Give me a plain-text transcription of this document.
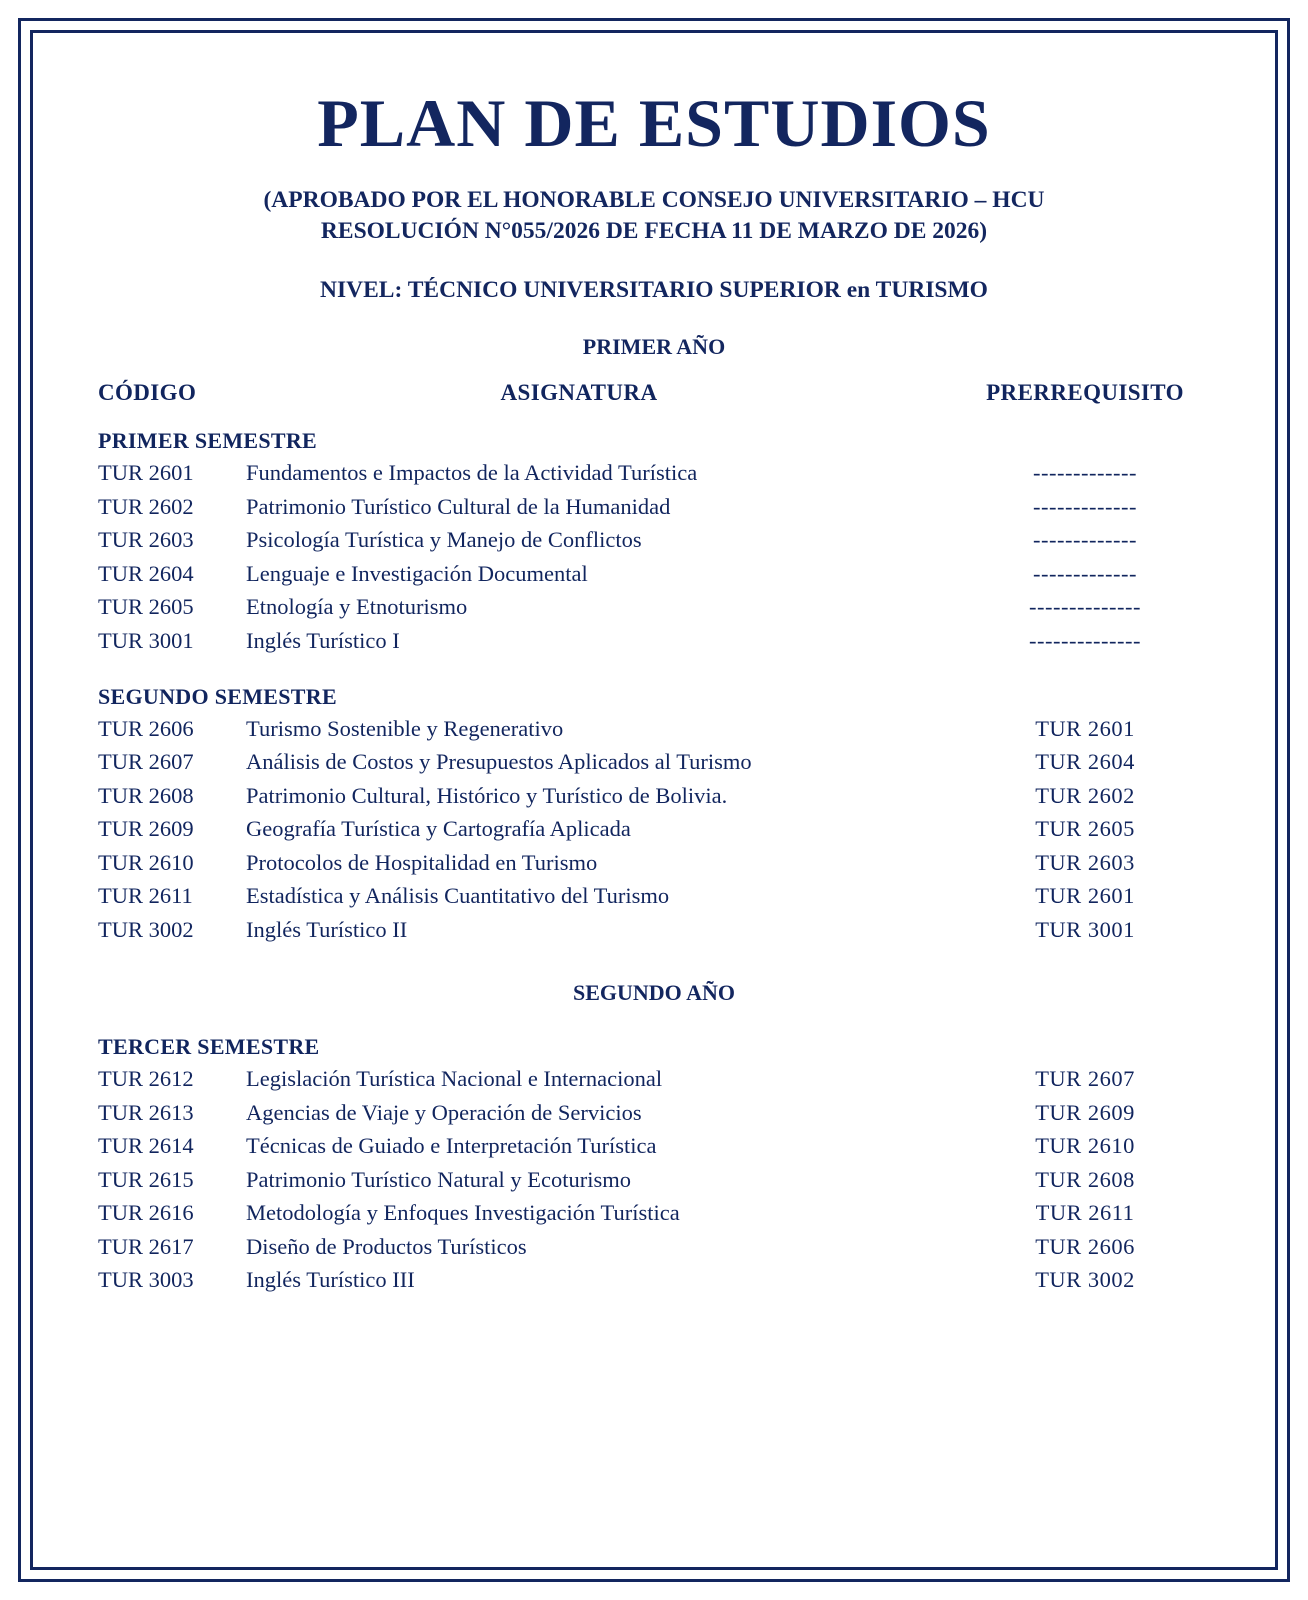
PLAN DE ESTUDIOS
(APROBADO POR EL HONORABLE CONSEJO UNIVERSITARIO – HCU
RESOLUCIÓN N°055/2026 DE FECHA 11 DE MARZO DE 2026)
NIVEL: TÉCNICO UNIVERSITARIO SUPERIOR en TURISMO
PRIMER AÑO
CÓDIGO	ASIGNATURA	PRERREQUISITO
PRIMER SEMESTRE
TUR 2601	Fundamentos e Impactos de la Actividad Turística	-------------
TUR 2602	Patrimonio Turístico Cultural de la Humanidad	-------------
TUR 2603	Psicología Turística y Manejo de Conflictos	-------------
TUR 2604	Lenguaje e Investigación Documental	-------------
TUR 2605	Etnología y Etnoturismo	--------------
TUR 3001	Inglés Turístico I	--------------
SEGUNDO SEMESTRE
TUR 2606	Turismo Sostenible y Regenerativo	TUR 2601
TUR 2607	Análisis de Costos y Presupuestos Aplicados al Turismo	TUR 2604
TUR 2608	Patrimonio Cultural, Histórico y Turístico de Bolivia.	TUR 2602
TUR 2609	Geografía Turística y Cartografía Aplicada	TUR 2605
TUR 2610	Protocolos de Hospitalidad en Turismo	TUR 2603
TUR 2611	Estadística y Análisis Cuantitativo del Turismo	TUR 2601
TUR 3002	Inglés Turístico II	TUR 3001
SEGUNDO AÑO
TERCER SEMESTRE
TUR 2612	Legislación Turística Nacional e Internacional	TUR 2607
TUR 2613	Agencias de Viaje y Operación de Servicios	TUR 2609
TUR 2614	Técnicas de Guiado e Interpretación Turística	TUR 2610
TUR 2615	Patrimonio Turístico Natural y Ecoturismo	TUR 2608
TUR 2616	Metodología y Enfoques Investigación Turística	TUR 2611
TUR 2617	Diseño de Productos Turísticos	TUR 2606
TUR 3003	Inglés Turístico III	TUR 3002
